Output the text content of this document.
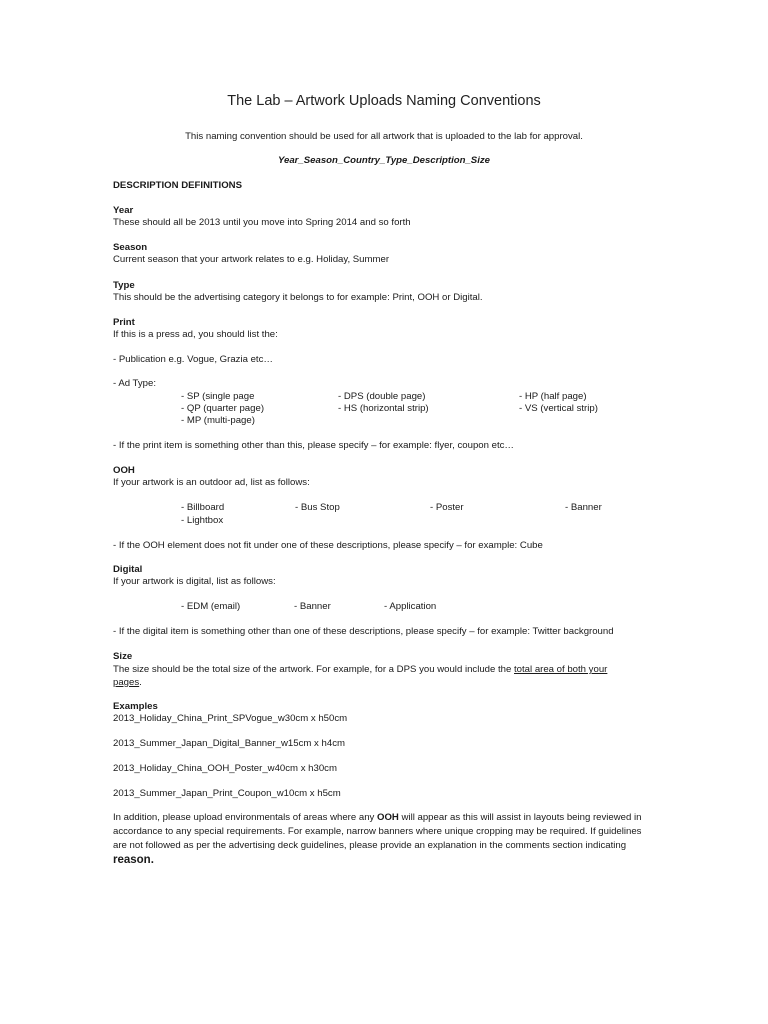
The Lab – Artwork Uploads Naming Conventions
This naming convention should be used for all artwork that is uploaded to the lab for approval.
Year_Season_Country_Type_Description_Size
DESCRIPTION DEFINITIONS
Year
These should all be 2013 until you move into Spring 2014 and so forth
Season
Current season that your artwork relates to e.g. Holiday, Summer
Type
This should be the advertising category it belongs to for example: Print, OOH or Digital.
Print
If this is a press ad, you should list the:
- Publication e.g. Vogue, Grazia etc…
- Ad Type:
- SP (single page	- DPS (double page)	- HP (half page)
- QP (quarter page)	- HS (horizontal strip)	- VS (vertical strip)
- MP (multi-page)
- If the print item is something other than this, please specify – for example: flyer, coupon etc…
OOH
If your artwork is an outdoor ad, list as follows:
- Billboard	- Bus Stop	- Poster	- Banner
- Lightbox
- If the OOH element does not fit under one of these descriptions, please specify – for example: Cube
Digital
If your artwork is digital, list as follows:
- EDM (email)	- Banner	- Application
- If the digital item is something other than one of these descriptions, please specify – for example: Twitter background
Size
The size should be the total size of the artwork. For example, for a DPS you would include the total area of both your
pages.
Examples
2013_Holiday_China_Print_SPVogue_w30cm x h50cm
2013_Summer_Japan_Digital_Banner_w15cm x h4cm
2013_Holiday_China_OOH_Poster_w40cm x h30cm
2013_Summer_Japan_Print_Coupon_w10cm x h5cm
In addition, please upload environmentals of areas where any OOH will appear as this will assist in layouts being reviewed in accordance to any special requirements. For example, narrow banners where unique cropping may be required. If guidelines are not followed as per the advertising deck guidelines, please provide an explanation in the comments section indicating reason.
